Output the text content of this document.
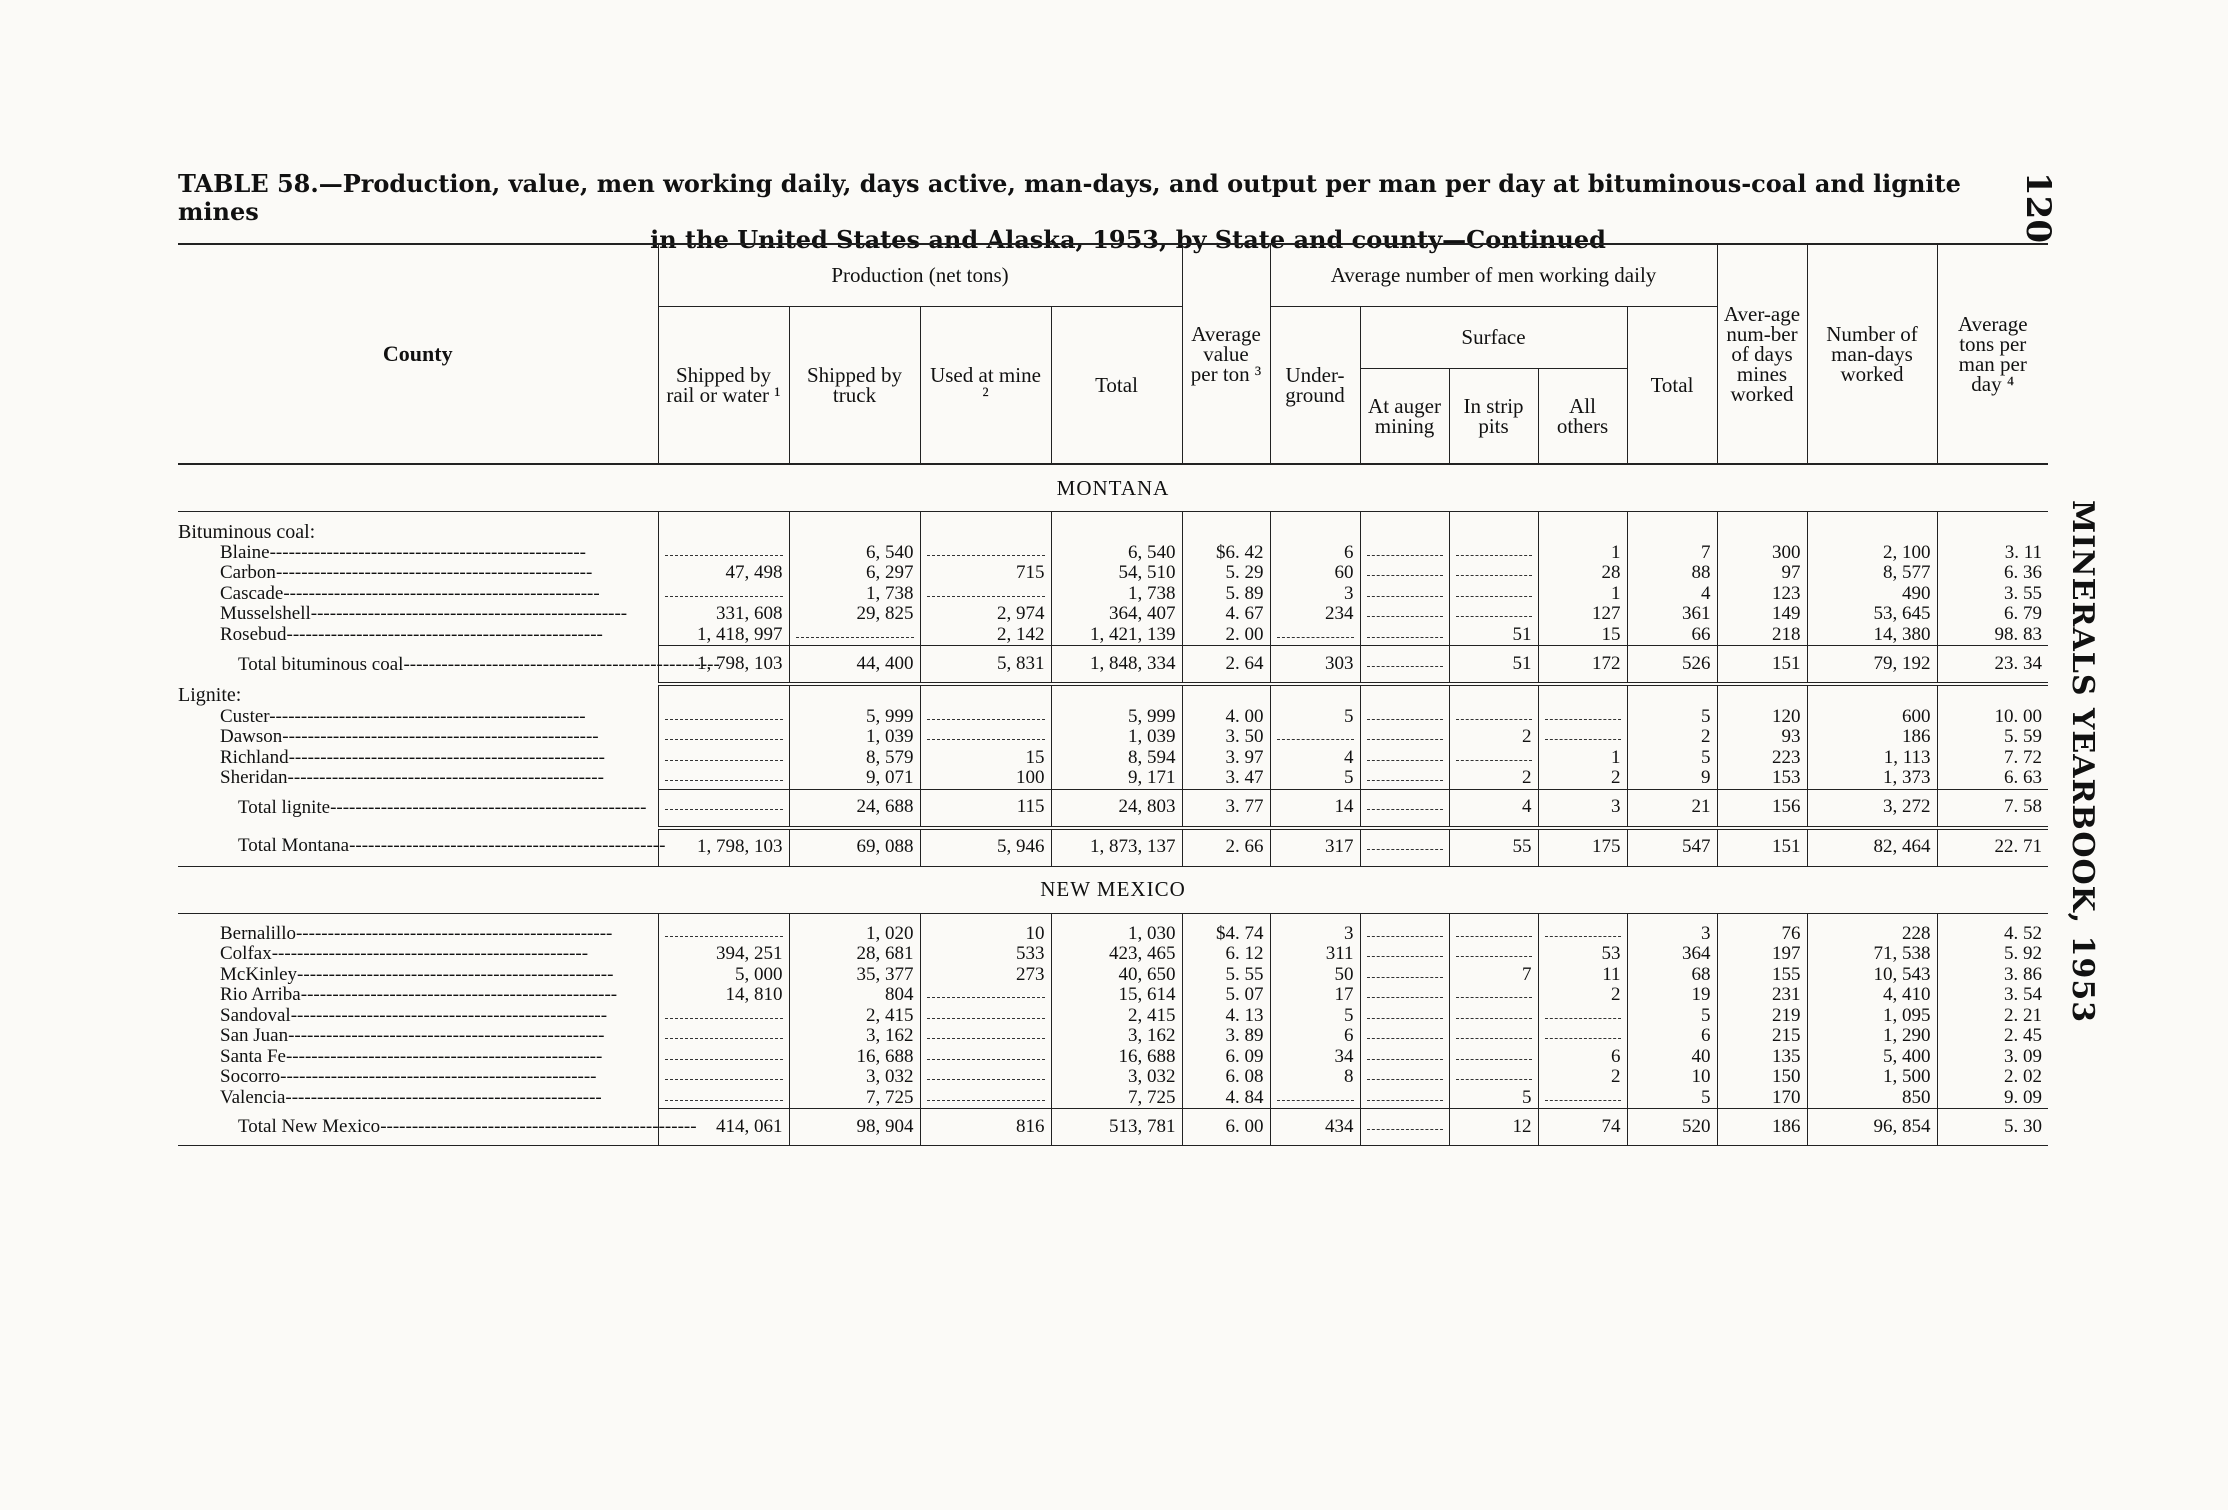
TABLE 58.—Production, value, men working daily, days active, man-days, and output per man per day at bituminous-coal and lignite mines
in the United States and Alaska, 1953, by State and county—Continued	120
MINERALS YEARBOOK, 1953
County	Production (net tons)				Average value per ton ³	Average number of men working daily					Aver-age num-ber of days mines worked	Number of man-days worked	Average tons per man per day ⁴
	Shipped by rail or water ¹	Shipped by truck	Used at mine ²	Total		Under-ground	Surface			Total			
							At auger mining	In strip pits	All others				
MONTANA													

Bituminous coal:													
Blaine--------------------------------------------------		6, 540		6, 540	$6. 42	6			1	7	300	2, 100	3. 11
Carbon--------------------------------------------------	47, 498	6, 297	715	54, 510	5. 29	60			28	88	97	8, 577	6. 36
Cascade--------------------------------------------------		1, 738		1, 738	5. 89	3			1	4	123	490	3. 55
Musselshell--------------------------------------------------	331, 608	29, 825	2, 974	364, 407	4. 67	234			127	361	149	53, 645	6. 79
Rosebud--------------------------------------------------	1, 418, 997		2, 142	1, 421, 139	2. 00			51	15	66	218	14, 380	98. 83
Total bituminous coal--------------------------------------------------	1, 798, 103	44, 400	5, 831	1, 848, 334	2. 64	303		51	172	526	151	79, 192	23. 34
Lignite:													
Custer--------------------------------------------------		5, 999		5, 999	4. 00	5				5	120	600	10. 00
Dawson--------------------------------------------------		1, 039		1, 039	3. 50			2		2	93	186	5. 59
Richland--------------------------------------------------		8, 579	15	8, 594	3. 97	4			1	5	223	1, 113	7. 72
Sheridan--------------------------------------------------		9, 071	100	9, 171	3. 47	5		2	2	9	153	1, 373	6. 63
Total lignite--------------------------------------------------		24, 688	115	24, 803	3. 77	14		4	3	21	156	3, 272	7. 58
Total Montana--------------------------------------------------	1, 798, 103	69, 088	5, 946	1, 873, 137	2. 66	317		55	175	547	151	82, 464	22. 71
NEW MEXICO													

Bernalillo--------------------------------------------------		1, 020	10	1, 030	$4. 74	3				3	76	228	4. 52
Colfax--------------------------------------------------	394, 251	28, 681	533	423, 465	6. 12	311			53	364	197	71, 538	5. 92
McKinley--------------------------------------------------	5, 000	35, 377	273	40, 650	5. 55	50		7	11	68	155	10, 543	3. 86
Rio Arriba--------------------------------------------------	14, 810	804		15, 614	5. 07	17			2	19	231	4, 410	3. 54
Sandoval--------------------------------------------------		2, 415		2, 415	4. 13	5				5	219	1, 095	2. 21
San Juan--------------------------------------------------		3, 162		3, 162	3. 89	6				6	215	1, 290	2. 45
Santa Fe--------------------------------------------------		16, 688		16, 688	6. 09	34			6	40	135	5, 400	3. 09
Socorro--------------------------------------------------		3, 032		3, 032	6. 08	8			2	10	150	1, 500	2. 02
Valencia--------------------------------------------------		7, 725		7, 725	4. 84			5		5	170	850	9. 09
Total New Mexico--------------------------------------------------	414, 061	98, 904	816	513, 781	6. 00	434		12	74	520	186	96, 854	5. 30
